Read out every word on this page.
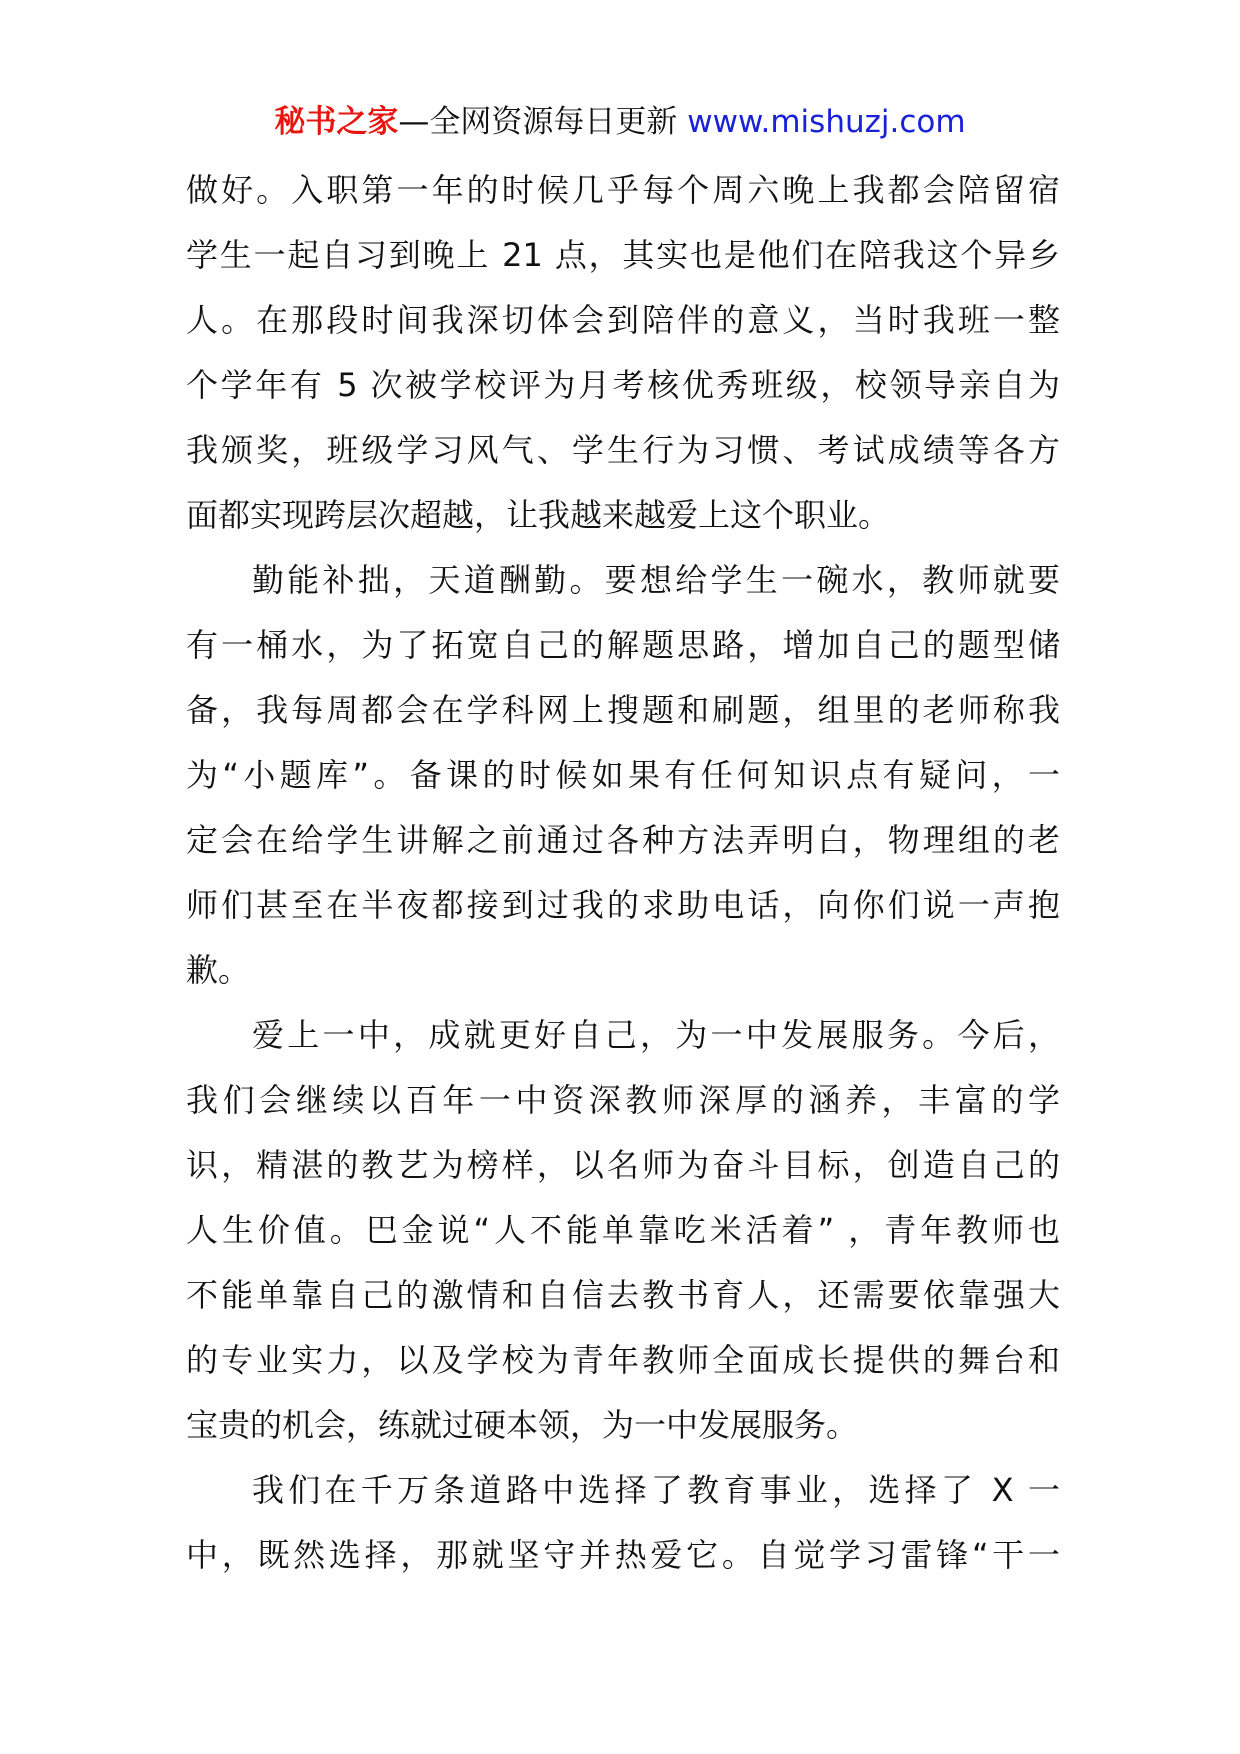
秘书之家—全网资源每日更新 www.mishuzj.com
做好。入职第一年的时候几乎每个周六晚上我都会陪留宿
学生一起自习到晚上 21 点，其实也是他们在陪我这个异乡
人。在那段时间我深切体会到陪伴的意义，当时我班一整
个学年有 5 次被学校评为月考核优秀班级，校领导亲自为
我颁奖，班级学习风气、学生行为习惯、考试成绩等各方
面都实现跨层次超越，让我越来越爱上这个职业。
勤能补拙，天道酬勤。要想给学生一碗水，教师就要
有一桶水，为了拓宽自己的解题思路，增加自己的题型储
备，我每周都会在学科网上搜题和刷题，组里的老师称我
为“小题库”。备课的时候如果有任何知识点有疑问，一
定会在给学生讲解之前通过各种方法弄明白，物理组的老
师们甚至在半夜都接到过我的求助电话，向你们说一声抱
歉。
爱上一中，成就更好自己，为一中发展服务。今后，
我们会继续以百年一中资深教师深厚的涵养，丰富的学
识，精湛的教艺为榜样，以名师为奋斗目标，创造自己的
人生价值。巴金说“人不能单靠吃米活着” ，青年教师也
不能单靠自己的激情和自信去教书育人，还需要依靠强大
的专业实力，以及学校为青年教师全面成长提供的舞台和
宝贵的机会，练就过硬本领，为一中发展服务。
我们在千万条道路中选择了教育事业，选择了 X 一
中，既然选择，那就坚守并热爱它。自觉学习雷锋“干一
